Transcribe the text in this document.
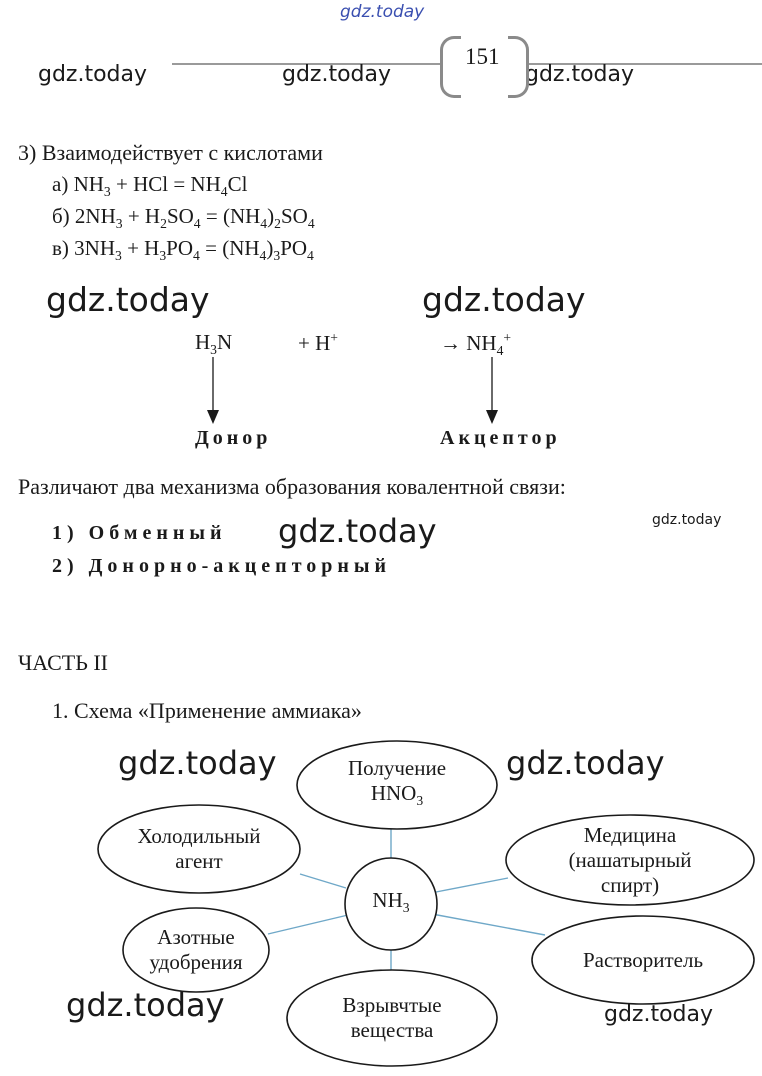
gdz.today
gdz.today	gdz.today	gdz.today
151
3) Взаимодействует с кислотами
а) $NH_3$ + HCl = $NH_4Cl$
б) $2NH_3 + H_2SO_4 = (NH_4)_2SO_4$
в) $3NH_3 + H_3PO_4 = (NH_4)_3PO_4$
gdz.today	gdz.today
$H_3N$	+ H+	→ $NH_4^+$
Донор	Акцептор
Различают два механизма образования ковалентной связи:
1) Обменный
2) Донорно-акцепторный
gdz.today	gdz.today
ЧАСТЬ II
1. Схема «Применение аммиака»
Получение
$HNO_3$
Холодильный
агент
Медицина
(нашатырный
спирт)
Азотные
удобрения	Растворитель
Взрывчтые
вещества
$NH_3$
gdz.today	gdz.today
gdz.today	gdz.today
